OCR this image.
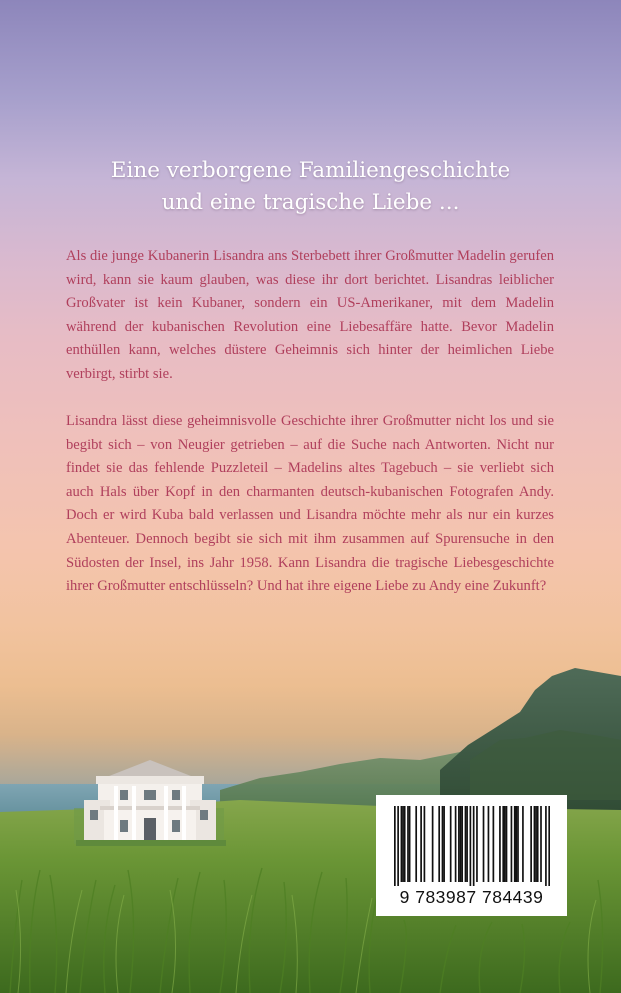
Eine verborgene Familiengeschichte
und eine tragische Liebe ...

Als die junge Kubanerin Lisandra ans Sterbebett ihrer Großmutter Madelin gerufen wird, kann sie kaum glauben, was diese ihr dort berichtet. Lisandras leiblicher Großvater ist kein Kubaner, sondern ein US-Amerikaner, mit dem Madelin während der kubanischen Revolution eine Liebesaffäre hatte. Bevor Madelin enthüllen kann, welches düstere Geheimnis sich hinter der heimlichen Liebe verbirgt, stirbt sie.

Lisandra lässt diese geheimnisvolle Geschichte ihrer Großmutter nicht los und sie begibt sich – von Neugier getrieben – auf die Suche nach Antworten. Nicht nur findet sie das fehlende Puzzleteil – Madelins altes Tagebuch – sie verliebt sich auch Hals über Kopf in den charmanten deutsch-kubanischen Fotografen Andy. Doch er wird Kuba bald verlassen und Lisandra möchte mehr als nur ein kurzes Abenteuer. Dennoch begibt sie sich mit ihm zusammen auf Spurensuche in den Südosten der Insel, ins Jahr 1958. Kann Lisandra die tragische Liebesgeschichte ihrer Großmutter entschlüsseln? Und hat ihre eigene Liebe zu Andy eine Zukunft?

9 783987 784439
